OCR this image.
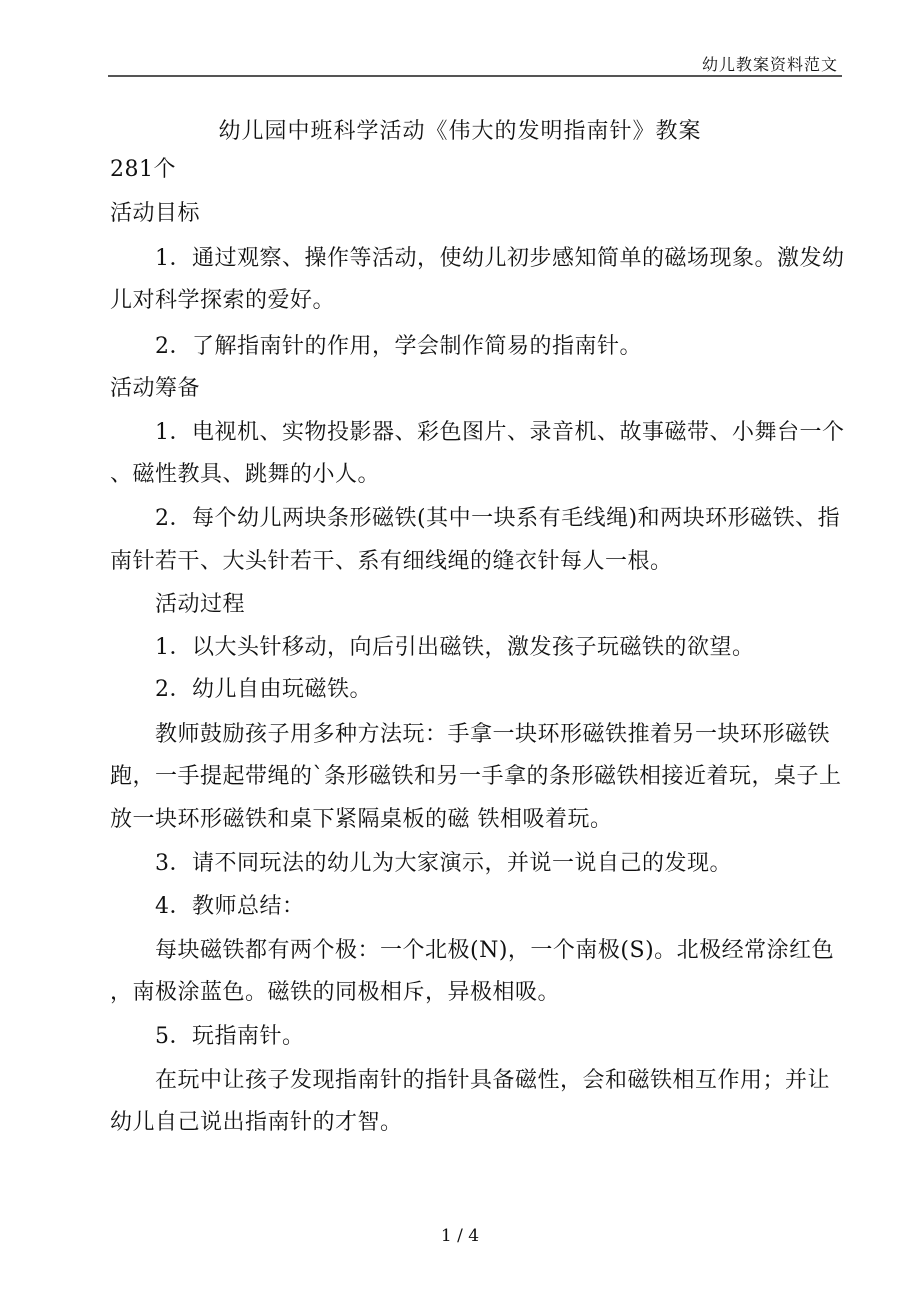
幼儿教案资料范文
幼儿园中班科学活动《伟大的发明指南针》教案
281个
活动目标
1．通过观察、操作等活动，使幼儿初步感知简单的磁场现象。激发幼
儿对科学探索的爱好。
2．了解指南针的作用，学会制作简易的指南针。
活动筹备
1．电视机、实物投影器、彩色图片、录音机、故事磁带、小舞台一个
、磁性教具、跳舞的小人。
2．每个幼儿两块条形磁铁(其中一块系有毛线绳)和两块环形磁铁、指
南针若干、大头针若干、系有细线绳的缝衣针每人一根。
活动过程
1．以大头针移动，向后引出磁铁，激发孩子玩磁铁的欲望。
2．幼儿自由玩磁铁。
教师鼓励孩子用多种方法玩：手拿一块环形磁铁推着另一块环形磁铁
跑，一手提起带绳的`条形磁铁和另一手拿的条形磁铁相接近着玩，桌子上
放一块环形磁铁和桌下紧隔桌板的磁 铁相吸着玩。
3．请不同玩法的幼儿为大家演示，并说一说自己的发现。
4．教师总结：
每块磁铁都有两个极：一个北极(N)，一个南极(S)。北极经常涂红色
，南极涂蓝色。磁铁的同极相斥，异极相吸。
5．玩指南针。
在玩中让孩子发现指南针的指针具备磁性，会和磁铁相互作用；并让
幼儿自己说出指南针的才智。
1 / 4
